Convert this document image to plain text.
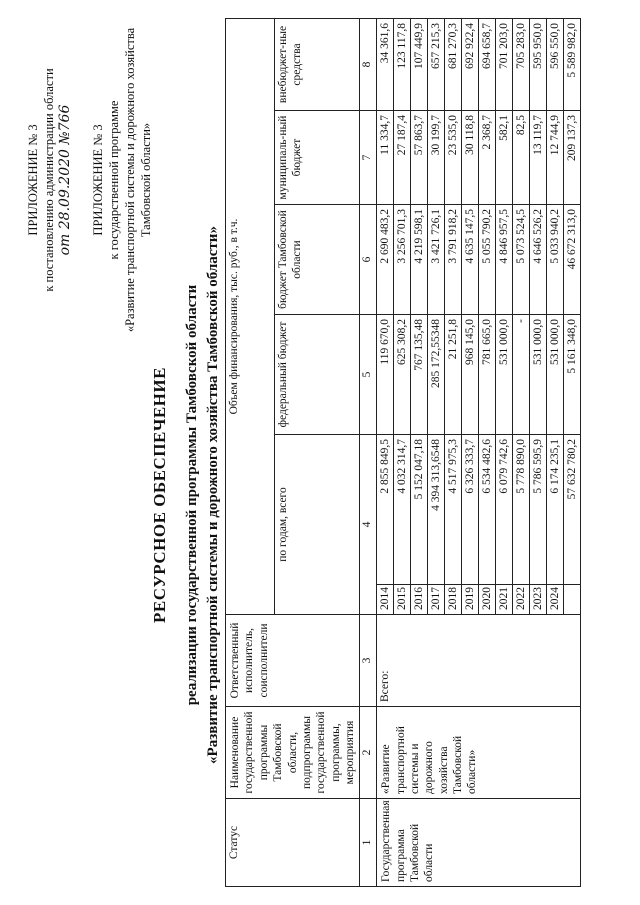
ПРИЛОЖЕНИЕ № 3 к постановлению администрации области от 28.09.2020 №766 ПРИЛОЖЕНИЕ № 3 к государственной программе «Развитие транспортной системы и дорожного хозяйства Тамбовской области»
РЕСУРСНОЕ ОБЕСПЕЧЕНИЕ реализации государственной программы Тамбовской области «Развитие транспортной системы и дорожного хозяйства Тамбовской области»
Статус	Наименование государственной программы Тамбовской области, подпрограммы государственной программы, мероприятия	Ответственный исполнитель, соисполнители	Объем финансирования, тыс. руб., в т.ч.					
			по годам, всего		федеральный бюджет	бюджет Тамбовской области	муниципаль-ный бюджет	внебюджет-ные средства
1	2	3	4		5	6	7	8
Государственная программа Тамбовской области	«Развитие транспортной системы и дорожного хозяйства Тамбовской области»	Всего:	2014	2 855 849,5	119 670,0	2 690 483,2	11 334,7	34 361,6
			2015	4 032 314,7	625 308,2	3 256 701,3	27 187,4	123 117,8
			2016	5 152 047,18	767 135,48	4 219 598,1	57 863,7	107 449,9
			2017	4 394 313,6548	285 172,55348	3 421 726,1	30 199,7	657 215,3
			2018	4 517 975,3	21 251,8	3 791 918,2	23 535,0	681 270,3
			2019	6 326 333,7	968 145,0	4 635 147,5	30 118,8	692 922,4
			2020	6 534 482,6	781 665,0	5 055 790,2	2 368,7	694 658,7
			2021	6 079 742,6	531 000,0	4 846 957,5	582,1	701 203,0
			2022	5 778 890,0	-	5 073 524,5	82,5	705 283,0
			2023	5 786 595,9	531 000,0	4 646 526,2	13 119,7	595 950,0
			2024	6 174 235,1	531 000,0	5 033 940,2	12 744,9	596 550,0
				57 632 780,2	5 161 348,0	46 672 313,0	209 137,3	5 589 982,0
